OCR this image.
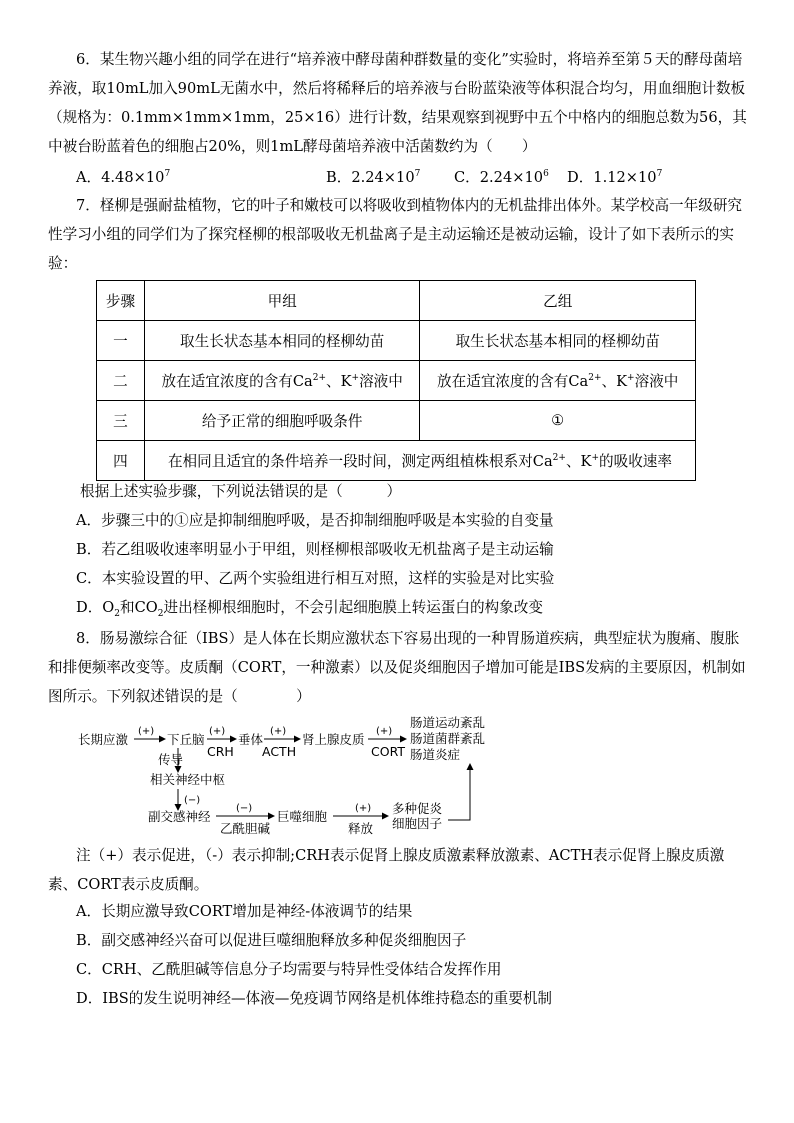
6．某生物兴趣小组的同学在进行“培养液中酵母菌种群数量的变化”实验时，将培养至第５天的酵母菌培养液，取10mL加入90mL无菌水中，然后将稀释后的培养液与台盼蓝染液等体积混合均匀，用血细胞计数板（规格为：0.1mm×1mm×1mm，25×16）进行计数，结果观察到视野中五个中格内的细胞总数为56，其中被台盼蓝着色的细胞占20%，则1mL酵母菌培养液中活菌数约为（　　）

A．$4.48\times 10^7$	B．$2.24\times 10^7$ C．$2.24\times 10^6$ D．$1.12\times 10^7$

7．柽柳是强耐盐植物，它的叶子和嫩枝可以将吸收到植物体内的无机盐排出体外。某学校高一年级研究性学习小组的同学们为了探究柽柳的根部吸收无机盐离子是主动运输还是被动运输，设计了如下表所示的实验：

步骤	甲组	乙组
一	取生长状态基本相同的柽柳幼苗	取生长状态基本相同的柽柳幼苗
二	放在适宜浓度的含有$Ca^{2+}$、K+溶液中	放在适宜浓度的含有$Ca^{2+}$、K+溶液中
三	给予正常的细胞呼吸条件	①
四	在相同且适宜的条件培养一段时间，测定两组植株根系对$Ca^{2+}$、K+的吸收速率	
根据上述实验步骤，下列说法错误的是（　　　）
A．步骤三中的①应是抑制细胞呼吸，是否抑制细胞呼吸是本实验的自变量
B．若乙组吸收速率明显小于甲组，则柽柳根部吸收无机盐离子是主动运输
C．本实验设置的甲、乙两个实验组进行相互对照，这样的实验是对比实验
D．$O_2$和$CO_2$进出柽柳根细胞时，不会引起细胞膜上转运蛋白的构象改变

8．肠易激综合征（IBS）是人体在长期应激状态下容易出现的一种胃肠道疾病，典型症状为腹痛、腹胀和排便频率改变等。皮质酮（CORT，一种激素）以及促炎细胞因子增加可能是IBS发病的主要原因，机制如图所示。下列叙述错误的是（　　　　）

长期应激
(+)
下丘脑
(+)
CRH
垂体
(+)
ACTH
肾上腺皮质
(+)
CORT
肠道运动紊乱
肠道菌群紊乱
肠道炎症
传导
相关神经中枢
(−)
副交感神经
(−)
乙酰胆碱
巨噬细胞
(+)
释放
多种促炎
细胞因子

注（+）表示促进，（-）表示抑制;CRH表示促肾上腺皮质激素释放激素、ACTH表示促肾上腺皮质激素、CORT表示皮质酮。

A．长期应激导致CORT增加是神经-体液调节的结果
B．副交感神经兴奋可以促进巨噬细胞释放多种促炎细胞因子
C．CRH、乙酰胆碱等信息分子均需要与特异性受体结合发挥作用
D．IBS的发生说明神经—体液—免疫调节网络是机体维持稳态的重要机制
